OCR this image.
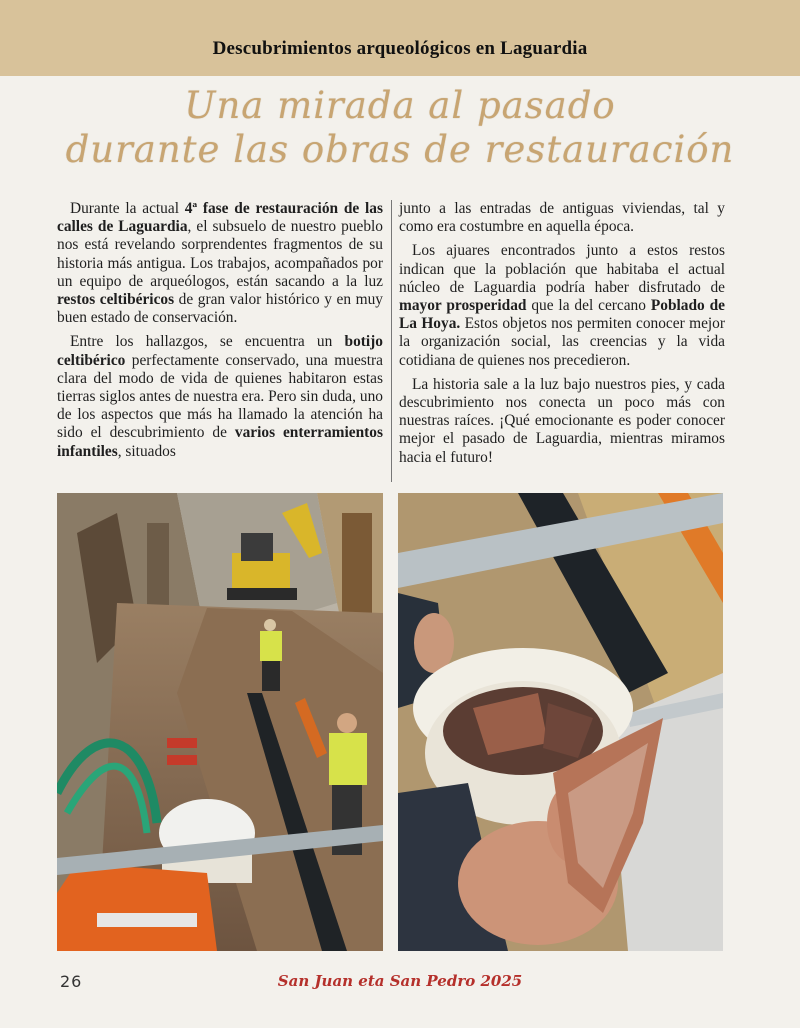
Descubrimientos arqueológicos en Laguardia
Una mirada al pasado
durante las obras de restauración

Durante la actual 4ª fase de restauración de las calles de Laguardia, el subsuelo de nuestro pueblo nos está revelando sorprendentes fragmentos de su historia más antigua. Los trabajos, acompañados por un equipo de arqueólogos, están sacando a la luz restos celtibéricos de gran valor histórico y en muy buen estado de conservación.

Entre los hallazgos, se encuentra un botijo celtibérico perfectamente conservado, una muestra clara del modo de vida de quienes habitaron estas tierras siglos antes de nuestra era. Pero sin duda, uno de los aspectos que más ha llamado la atención ha sido el descubrimiento de varios enterramientos infantiles, situados

junto a las entradas de antiguas viviendas, tal y como era costumbre en aquella época.

Los ajuares encontrados junto a estos restos indican que la población que habitaba el actual núcleo de Laguardia podría haber disfrutado de mayor prosperidad que la del cercano Poblado de La Hoya. Estos objetos nos permiten conocer mejor la organización social, las creencias y la vida cotidiana de quienes nos precedieron.

La historia sale a la luz bajo nuestros pies, y cada descubrimiento nos conecta un poco más con nuestras raíces. ¡Qué emocionante es poder conocer mejor el pasado de Laguardia, mientras miramos hacia el futuro!

26	San Juan eta San Pedro 2025
